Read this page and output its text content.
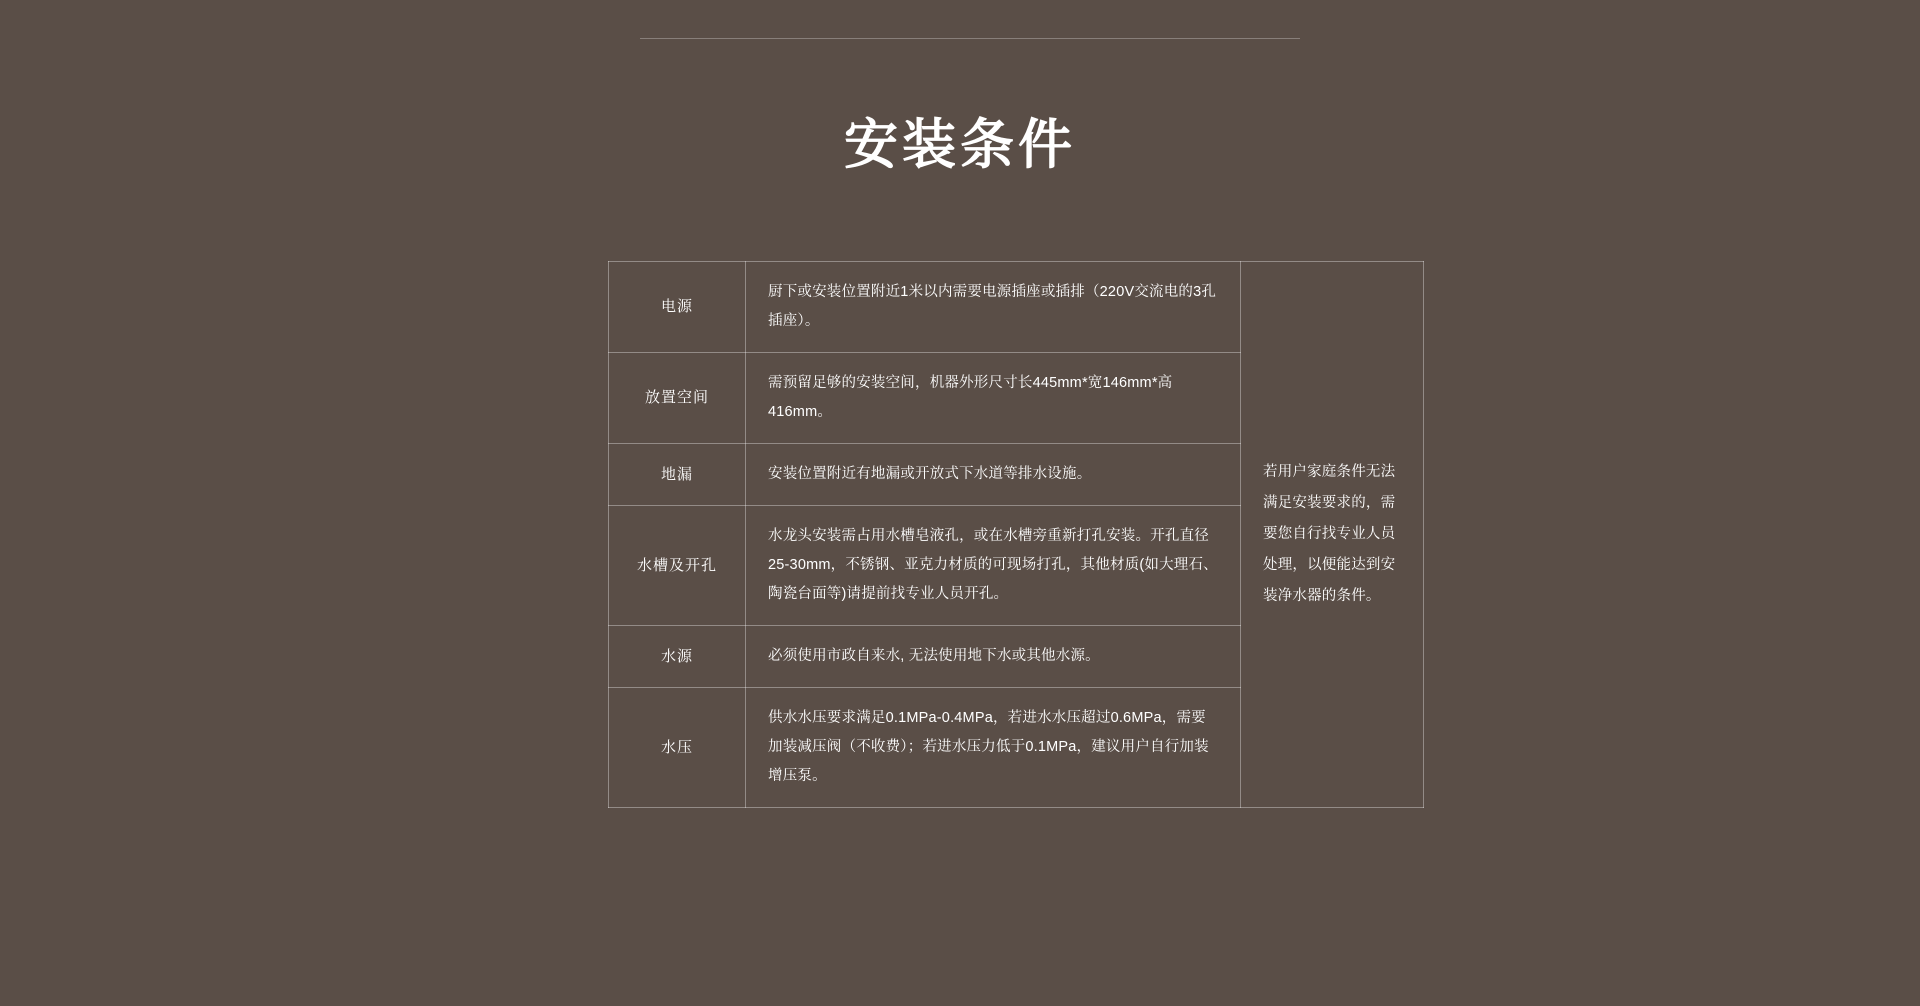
安装条件
电源	厨下或安装位置附近1米以内需要电源插座或插排（220V交流电的3孔插座）。	若用户家庭条件无法满足安装要求的，需要您自行找专业人员处理，以便能达到安装净水器的条件。
放置空间	需预留足够的安装空间，机器外形尺寸长445mm*宽146mm*高416mm。	
地漏	安装位置附近有地漏或开放式下水道等排水设施。	
水槽及开孔	水龙头安装需占用水槽皂液孔，或在水槽旁重新打孔安装。开孔直径25-30mm，不锈钢、亚克力材质的可现场打孔，其他材质(如大理石、陶瓷台面等)请提前找专业人员开孔。	
水源	必须使用市政自来水, 无法使用地下水或其他水源。	
水压	供水水压要求满足0.1MPa-0.4MPa，若进水水压超过0.6MPa，需要加装减压阀（不收费）；若进水压力低于0.1MPa，建议用户自行加装增压泵。	
